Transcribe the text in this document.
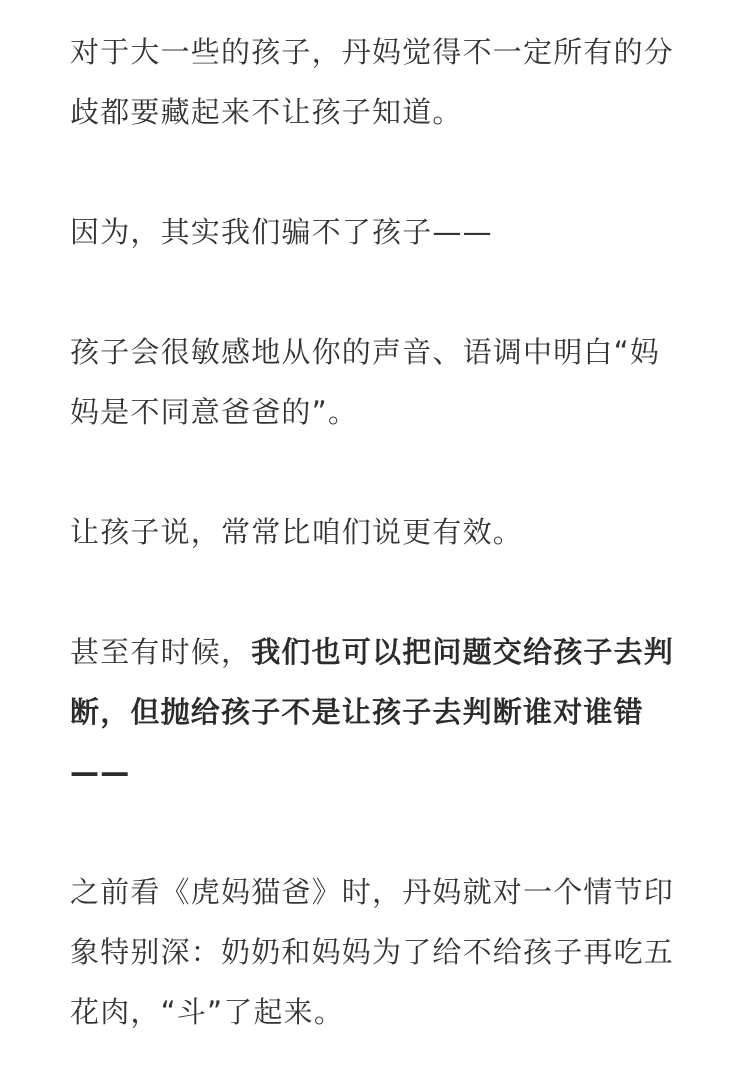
对于大一些的孩子，丹妈觉得不一定所有的分
歧都要藏起来不让孩子知道。
因为，其实我们骗不了孩子——
孩子会很敏感地从你的声音、语调中明白“妈
妈是不同意爸爸的”。
让孩子说，常常比咱们说更有效。
甚至有时候，我们也可以把问题交给孩子去判
断，但抛给孩子不是让孩子去判断谁对谁错
——
之前看《虎妈猫爸》时，丹妈就对一个情节印
象特别深：奶奶和妈妈为了给不给孩子再吃五
花肉，“斗”了起来。
